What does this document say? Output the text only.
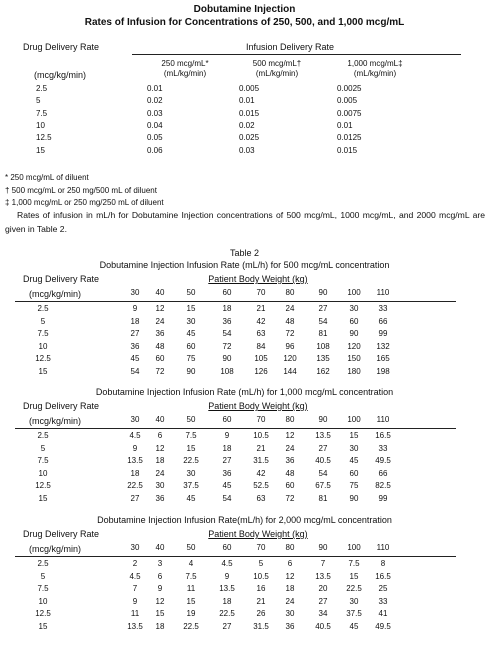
Dobutamine Injection
Rates of Infusion for Concentrations of 250, 500, and 1,000 mcg/mL
Drug Delivery Rate
(mcg/kg/min)
Infusion Delivery Rate
250 mcg/mL*
(mL/kg/min)
500 mcg/mL†
(mL/kg/min)
1,000 mcg/mL‡
(mL/kg/min)
2.5	0.01	0.005	0.0025
5	0.02	0.01	0.005
7.5	0.03	0.015	0.0075
10	0.04	0.02	0.01
12.5	0.05	0.025	0.0125
15	0.06	0.03	0.015
* 250 mcg/mL of diluent
† 500 mcg/mL or 250 mg/500 mL of diluent
‡ 1,000 mcg/mL or 250 mg/250 mL of diluent
Rates of infusion in mL/h for Dobutamine Injection concentrations of 500 mcg/mL, 1000 mcg/mL, and 2000 mcg/mL are given in Table 2.
Table 2
Dobutamine Injection Infusion Rate (mL/h) for 500 mcg/mL concentration
Drug Delivery Rate
(mcg/kg/min)
Patient Body Weight (kg)
30	40	50	60	70	80	90	100	110
2.5	9	12	15	18	21	24	27	30	33
5	18	24	30	36	42	48	54	60	66
7.5	27	36	45	54	63	72	81	90	99
10	36	48	60	72	84	96	108	120	132
12.5	45	60	75	90	105	120	135	150	165
15	54	72	90	108	126	144	162	180	198
Dobutamine Injection Infusion Rate (mL/h) for 1,000 mcg/mL concentration
Drug Delivery Rate
(mcg/kg/min)
Patient Body Weight (kg)
30	40	50	60	70	80	90	100	110
2.5	4.5	6	7.5	9	10.5	12	13.5	15	16.5
5	9	12	15	18	21	24	27	30	33
7.5	13.5	18	22.5	27	31.5	36	40.5	45	49.5
10	18	24	30	36	42	48	54	60	66
12.5	22.5	30	37.5	45	52.5	60	67.5	75	82.5
15	27	36	45	54	63	72	81	90	99
Dobutamine Injection Infusion Rate(mL/h) for 2,000 mcg/mL concentration
Drug Delivery Rate
(mcg/kg/min)
Patient Body Weight (kg)
30	40	50	60	70	80	90	100	110
2.5	2	3	4	4.5	5	6	7	7.5	8
5	4.5	6	7.5	9	10.5	12	13.5	15	16.5
7.5	7	9	11	13.5	16	18	20	22.5	25
10	9	12	15	18	21	24	27	30	33
12.5	11	15	19	22.5	26	30	34	37.5	41
15	13.5	18	22.5	27	31.5	36	40.5	45	49.5
